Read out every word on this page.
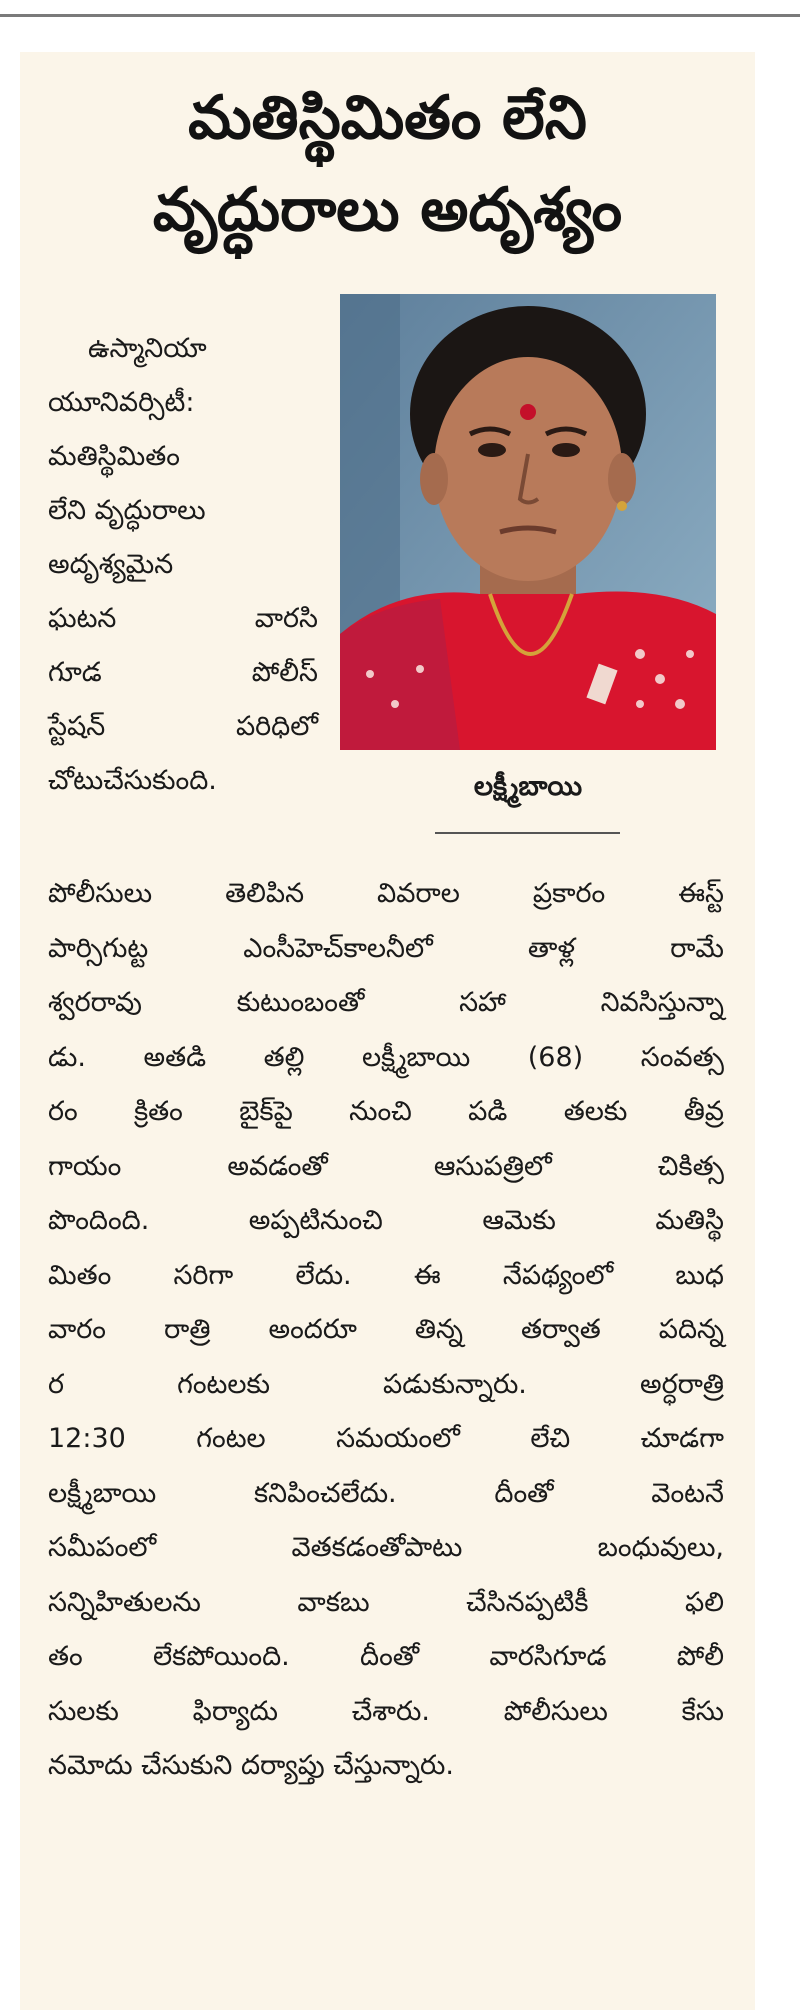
మతిస్థిమితం లేని
వృద్ధురాలు అదృశ్యం
ఉస్మానియా
యూనివర్సిటీ:
మతిస్థిమితం
లేని వృద్ధురాలు
అదృశ్యమైన
ఘటన వారసి
గూడ పోలీస్
స్టేషన్ పరిధిలో
చోటుచేసుకుంది.	లక్ష్మీబాయి
పోలీసులు తెలిపిన వివరాల ప్రకారం ఈస్ట్
పార్సిగుట్ట ఎంసీహెచ్‌కాలనీలో తాళ్ల రామే
శ్వరరావు కుటుంబంతో సహా నివసిస్తున్నా
డు. అతడి తల్లి లక్ష్మీబాయి (68) సంవత్స
రం క్రితం బైక్‌పై నుంచి పడి తలకు తీవ్ర
గాయం అవడంతో ఆసుపత్రిలో చికిత్స
పొందింది. అప్పటినుంచి ఆమెకు మతిస్థి
మితం సరిగా లేదు. ఈ నేపథ్యంలో బుధ
వారం రాత్రి అందరూ తిన్న తర్వాత పదిన్న
ర గంటలకు పడుకున్నారు. అర్ధరాత్రి
12:30 గంటల సమయంలో లేచి చూడగా
లక్ష్మీబాయి కనిపించలేదు. దీంతో వెంటనే
సమీపంలో వెతకడంతోపాటు బంధువులు,
సన్నిహితులను వాకబు చేసినప్పటికీ ఫలి
తం లేకపోయింది. దీంతో వారసిగూడ పోలీ
సులకు ఫిర్యాదు చేశారు. పోలీసులు కేసు
నమోదు చేసుకుని దర్యాప్తు చేస్తున్నారు.
